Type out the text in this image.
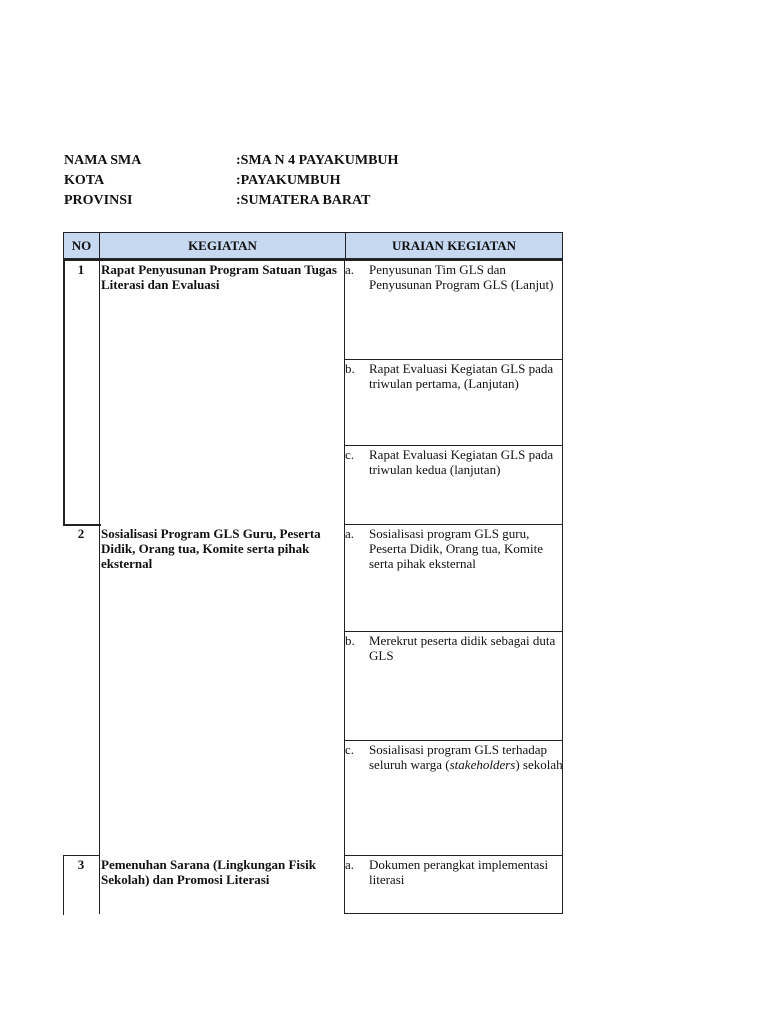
NAMA SMA	:SMA N 4 PAYAKUMBUH
KOTA	:PAYAKUMBUH
PROVINSI	:SUMATERA BARAT
NO	KEGIATAN	URAIAN KEGIATAN
1	Rapat Penyusunan Program Satuan Tugas Literasi dan Evaluasi
a.	Penyusunan Tim GLS dan Penyusunan Program GLS (Lanjut)
b.	Rapat Evaluasi Kegiatan GLS pada triwulan pertama, (Lanjutan)
c.	Rapat Evaluasi Kegiatan GLS pada triwulan kedua (lanjutan)
2	Sosialisasi Program GLS Guru, Peserta Didik, Orang tua, Komite serta pihak eksternal
a.	Sosialisasi program GLS guru, Peserta Didik, Orang tua, Komite serta pihak eksternal
b.	Merekrut peserta didik sebagai duta GLS
c.	Sosialisasi program GLS terhadap seluruh warga (stakeholders) sekolah
3	Pemenuhan Sarana (Lingkungan Fisik Sekolah) dan Promosi Literasi
a.	Dokumen perangkat implementasi literasi
